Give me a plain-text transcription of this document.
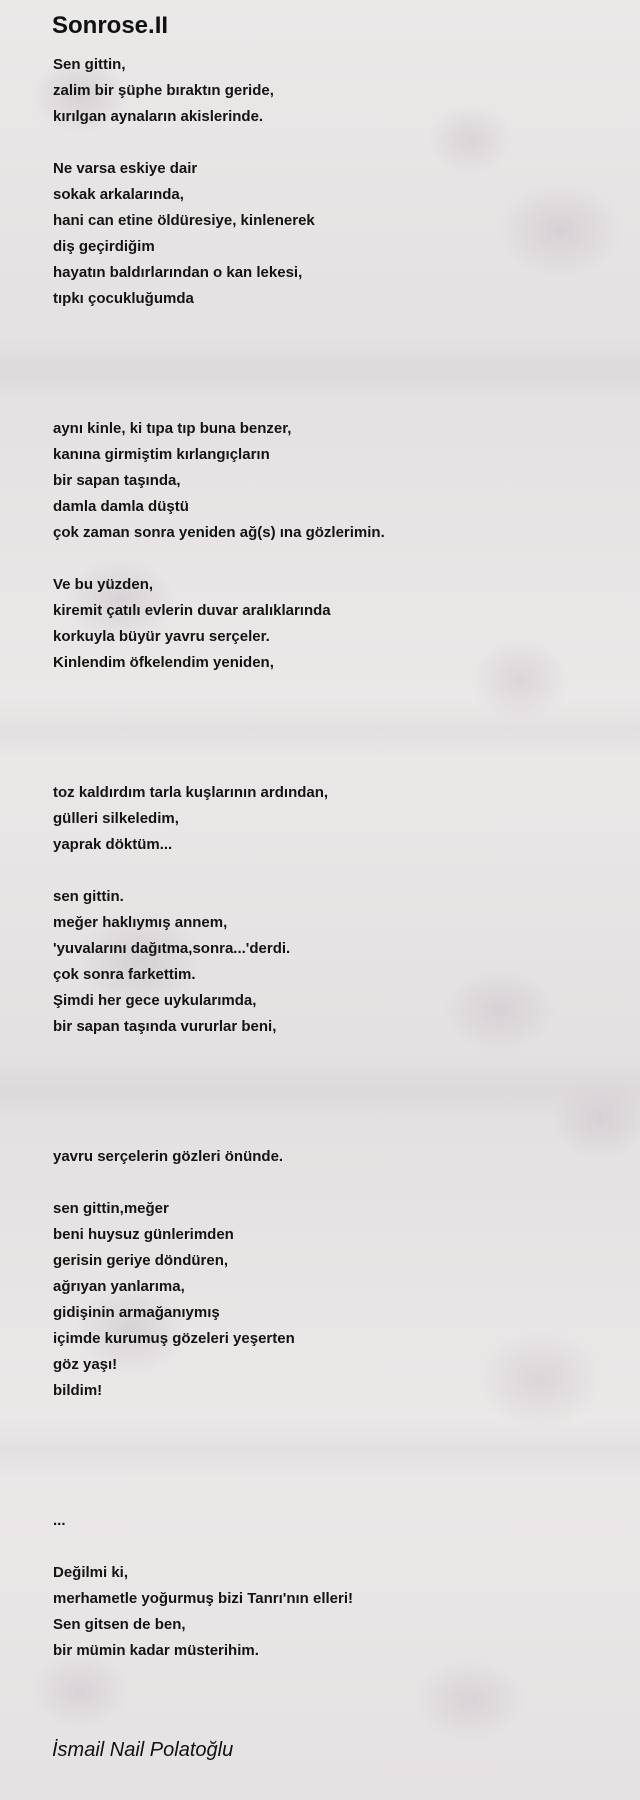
Sonrose.II
Sen gittin,
zalim bir şüphe bıraktın geride,
kırılgan aynaların akislerinde.
Ne varsa eskiye dair
sokak arkalarında,
hani can etine öldüresiye, kinlenerek
diş geçirdiğim
hayatın baldırlarından o kan lekesi,
tıpkı çocukluğumda
aynı kinle, ki tıpa tıp buna benzer,
kanına girmiştim kırlangıçların
bir sapan taşında,
damla damla düştü
çok zaman sonra yeniden ağ(s) ına gözlerimin.
Ve bu yüzden,
kiremit çatılı evlerin duvar aralıklarında
korkuyla büyür yavru serçeler.
Kinlendim öfkelendim yeniden,
toz kaldırdım tarla kuşlarının ardından,
gülleri silkeledim,
yaprak döktüm...
sen gittin.
meğer haklıymış annem,
'yuvalarını dağıtma,sonra...'derdi.
çok sonra farkettim.
Şimdi her gece uykularımda,
bir sapan taşında vururlar beni,
yavru serçelerin gözleri önünde.
sen gittin,meğer
beni huysuz günlerimden
gerisin geriye döndüren,
ağrıyan yanlarıma,
gidişinin armağanıymış
içimde kurumuş gözeleri yeşerten
göz yaşı!
bildim!
...
Değilmi ki,
merhametle yoğurmuş bizi Tanrı'nın elleri!
Sen gitsen de ben,
bir mümin kadar müsterihim.
İsmail Nail Polatoğlu
